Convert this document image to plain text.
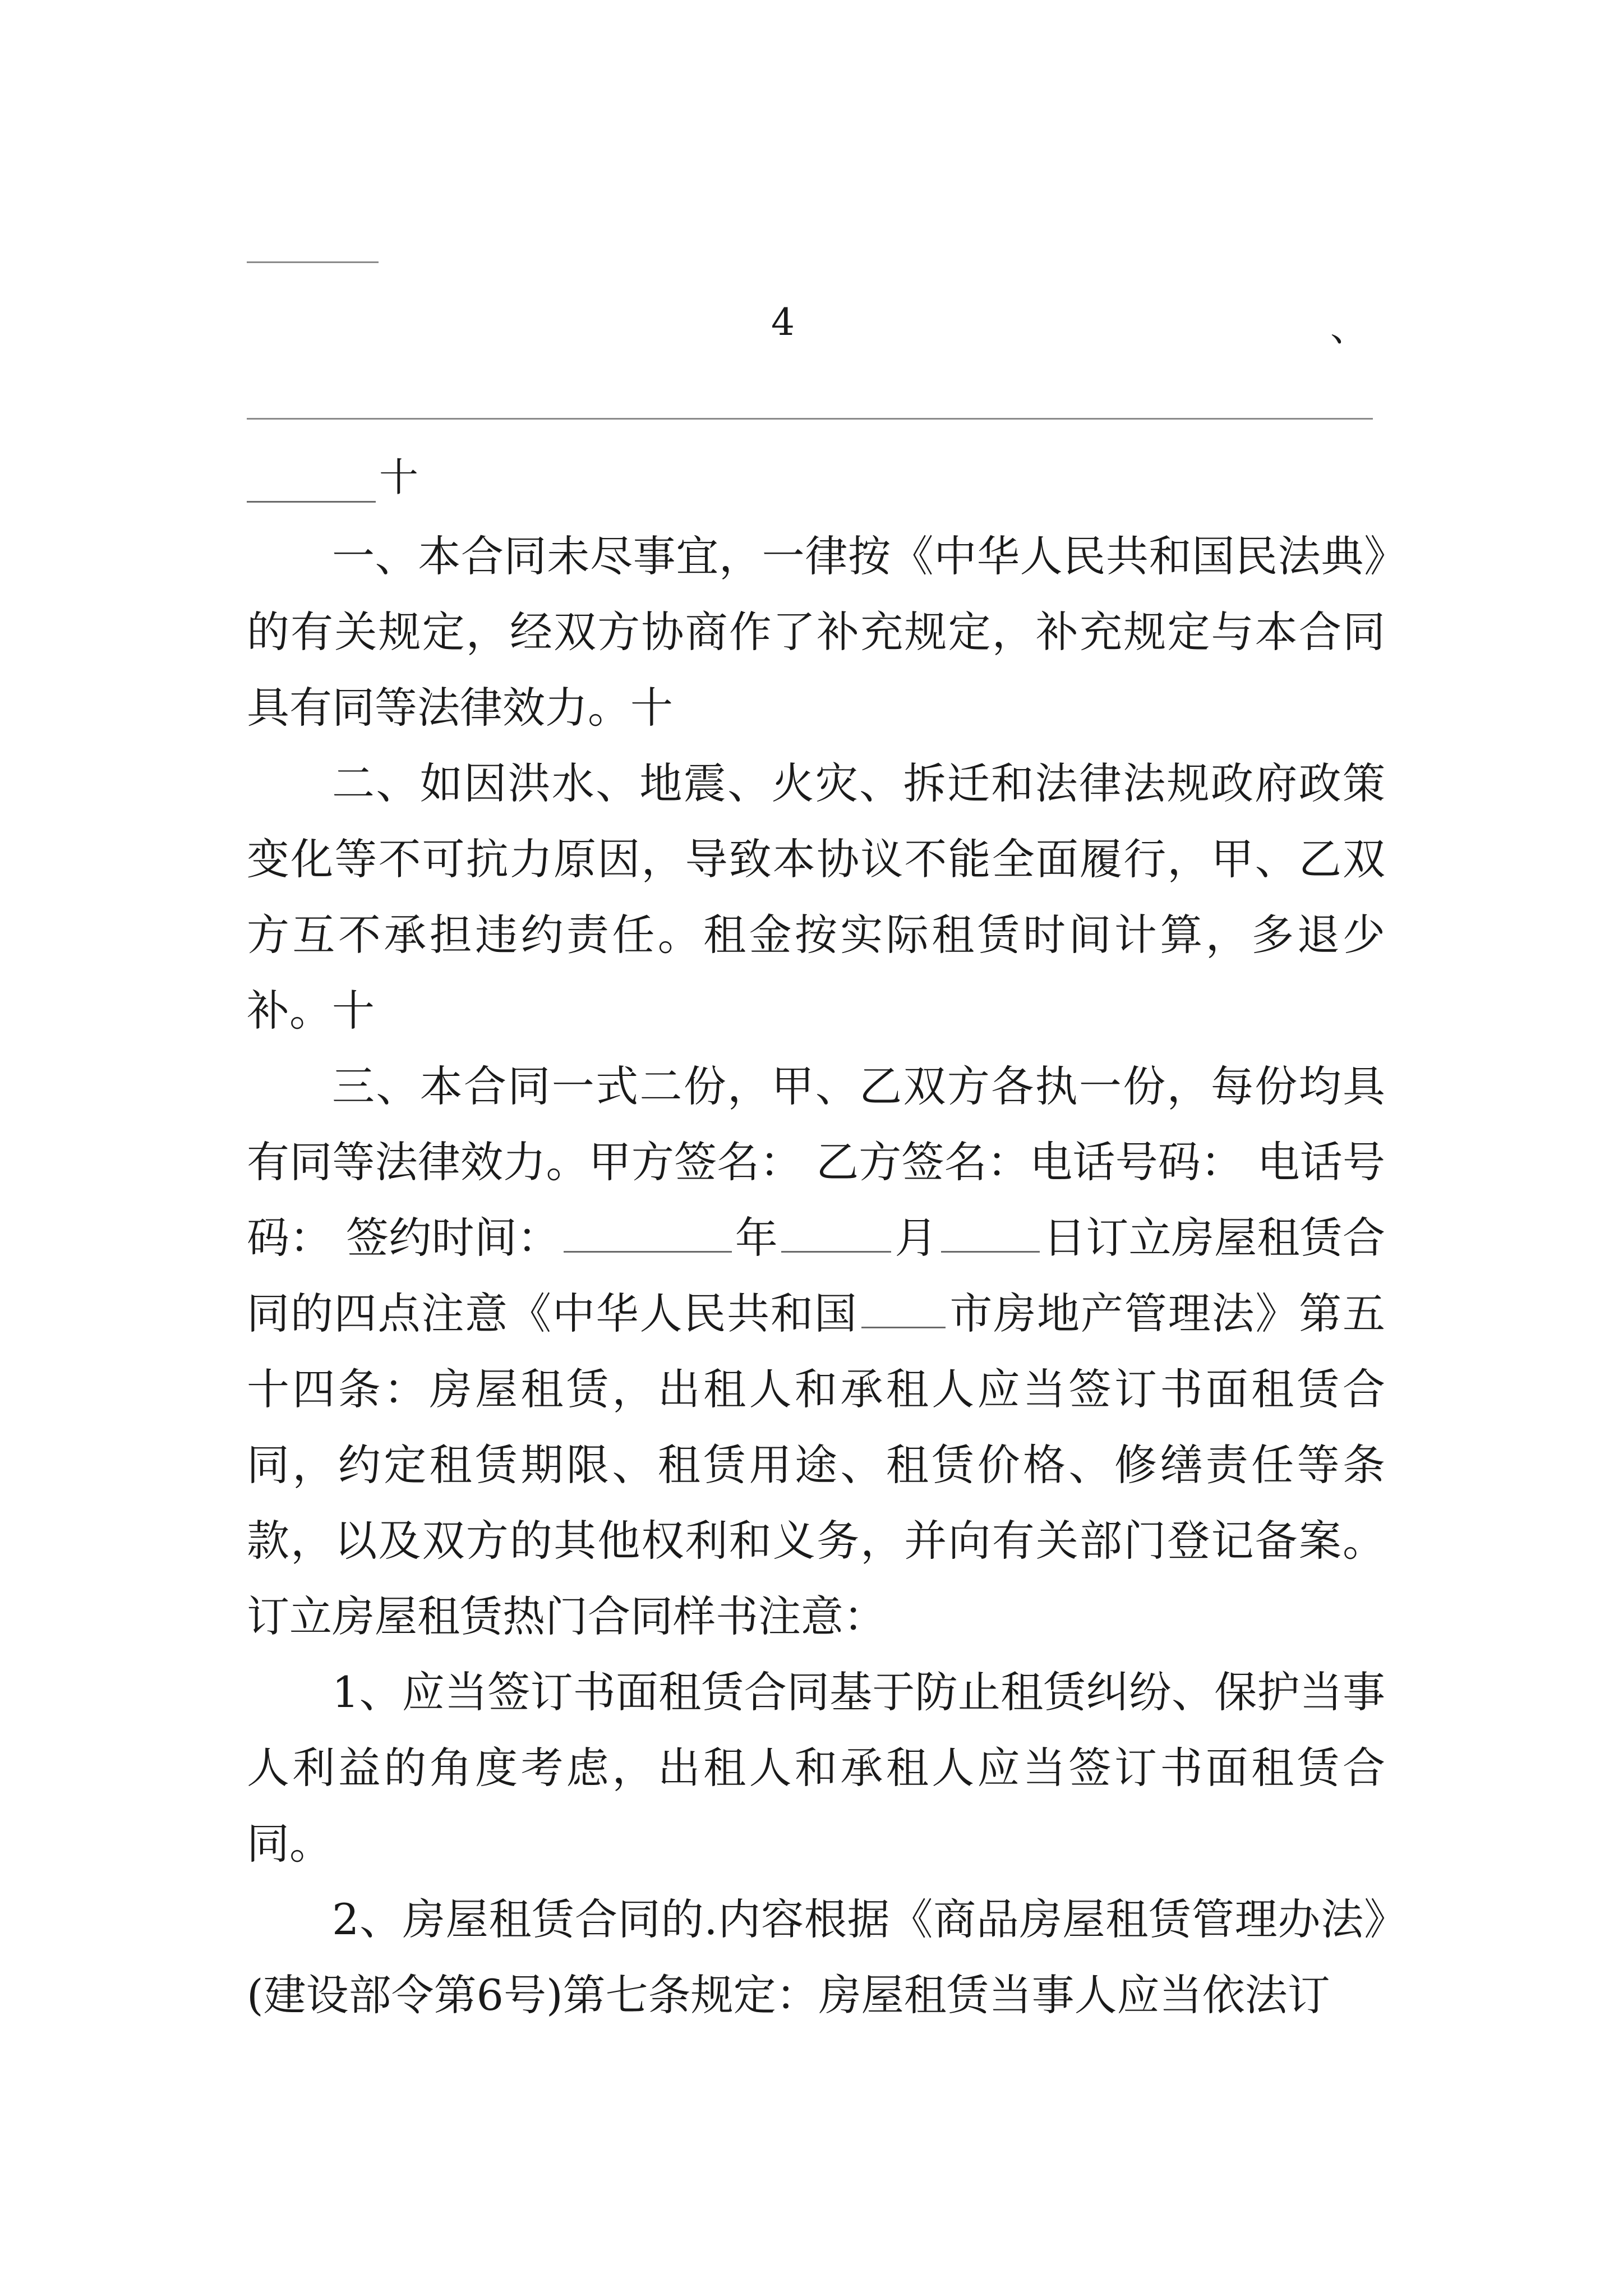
4	、
十

一、本合同未尽事宜，一律按《中华人民共和国民法典》的有关规定，经双方协商作了补充规定，补充规定与本合同具有同等法律效力。十

二、如因洪水、地震、火灾、拆迁和法律法规政府政策变化等不可抗力原因，导致本协议不能全面履行，甲、乙双方互不承担违约责任。租金按实际租赁时间计算，多退少补。十

三、本合同一式二份，甲、乙双方各执一份，每份均具有同等法律效力。甲方签名： 乙方签名：电话号码： 电话号码： 签约时间：	年	月 日订立房屋租赁合同的四点注意《中华人民共和国 市房地产管理法》第五十四条：房屋租赁，出租人和承租人应当签订书面租赁合同，约定租赁期限、租赁用途、租赁价格、修缮责任等条款，以及双方的其他权利和义务，并向有关部门登记备案。订立房屋租赁热门合同样书注意：

1、应当签订书面租赁合同基于防止租赁纠纷、保护当事人利益的角度考虑，出租人和承租人应当签订书面租赁合同。

2、房屋租赁合同的.内容根据《商品房屋租赁管理办法》(建设部令第6号)第七条规定：房屋租赁当事人应当依法订
